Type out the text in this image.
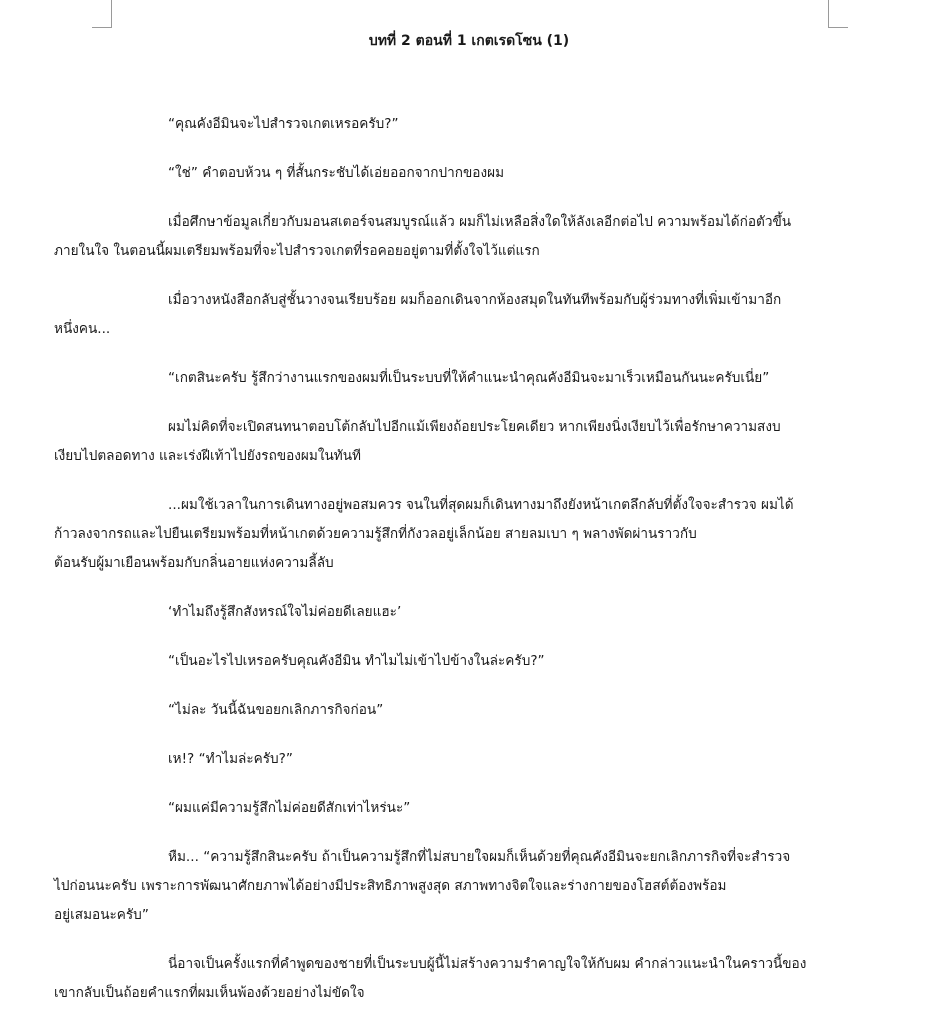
บทที่ 2 ตอนที่ 1 เกตเรดโซน (1)

“คุณคังอีมินจะไปสำรวจเกตเหรอครับ?”

“ใช่” คำตอบห้วน ๆ ที่สั้นกระชับได้เอ่ยออกจากปากของผม

เมื่อศึกษาข้อมูลเกี่ยวกับมอนสเตอร์จนสมบูรณ์แล้ว ผมก็ไม่เหลือสิ่งใดให้ลังเลอีกต่อไป ความพร้อมได้ก่อตัวขึ้น
ภายในใจ ในตอนนี้ผมเตรียมพร้อมที่จะไปสำรวจเกตที่รอคอยอยู่ตามที่ตั้งใจไว้แต่แรก

เมื่อวางหนังสือกลับสู่ชั้นวางจนเรียบร้อย ผมก็ออกเดินจากห้องสมุดในทันทีพร้อมกับผู้ร่วมทางที่เพิ่มเข้ามาอีก
หนึ่งคน...

“เกตสินะครับ รู้สึกว่างานแรกของผมที่เป็นระบบที่ให้คำแนะนำคุณคังอีมินจะมาเร็วเหมือนกันนะครับเนี่ย”

ผมไม่คิดที่จะเปิดสนทนาตอบโต้กลับไปอีกแม้เพียงถ้อยประโยคเดียว หากเพียงนิ่งเงียบไว้เพื่อรักษาความสงบ
เงียบไปตลอดทาง และเร่งฝีเท้าไปยังรถของผมในทันที

...ผมใช้เวลาในการเดินทางอยู่พอสมควร จนในที่สุดผมก็เดินทางมาถึงยังหน้าเกตลึกลับที่ตั้งใจจะสำรวจ ผมได้
ก้าวลงจากรถและไปยืนเตรียมพร้อมที่หน้าเกตด้วยความรู้สึกที่กังวลอยู่เล็กน้อย สายลมเบา ๆ พลางพัดผ่านราวกับ
ต้อนรับผู้มาเยือนพร้อมกับกลิ่นอายแห่งความลี้ลับ

‘ทำไมถึงรู้สึกสังหรณ์ใจไม่ค่อยดีเลยแฮะ’

“เป็นอะไรไปเหรอครับคุณคังอีมิน ทำไมไม่เข้าไปข้างในล่ะครับ?”

“ไม่ละ วันนี้ฉันขอยกเลิกภารกิจก่อน”

เห!? “ทำไมล่ะครับ?”

“ผมแค่มีความรู้สึกไม่ค่อยดีสักเท่าไหร่นะ”

หืม... “ความรู้สึกสินะครับ ถ้าเป็นความรู้สึกที่ไม่สบายใจผมก็เห็นด้วยที่คุณคังอีมินจะยกเลิกภารกิจที่จะสำรวจ
ไปก่อนนะครับ เพราะการพัฒนาศักยภาพได้อย่างมีประสิทธิภาพสูงสุด สภาพทางจิตใจและร่างกายของโฮสต์ต้องพร้อม
อยู่เสมอนะครับ”

นี่อาจเป็นครั้งแรกที่คำพูดของชายที่เป็นระบบผู้นี้ไม่สร้างความรำคาญใจให้กับผม คำกล่าวแนะนำในคราวนี้ของ
เขากลับเป็นถ้อยคำแรกที่ผมเห็นพ้องด้วยอย่างไม่ขัดใจ
